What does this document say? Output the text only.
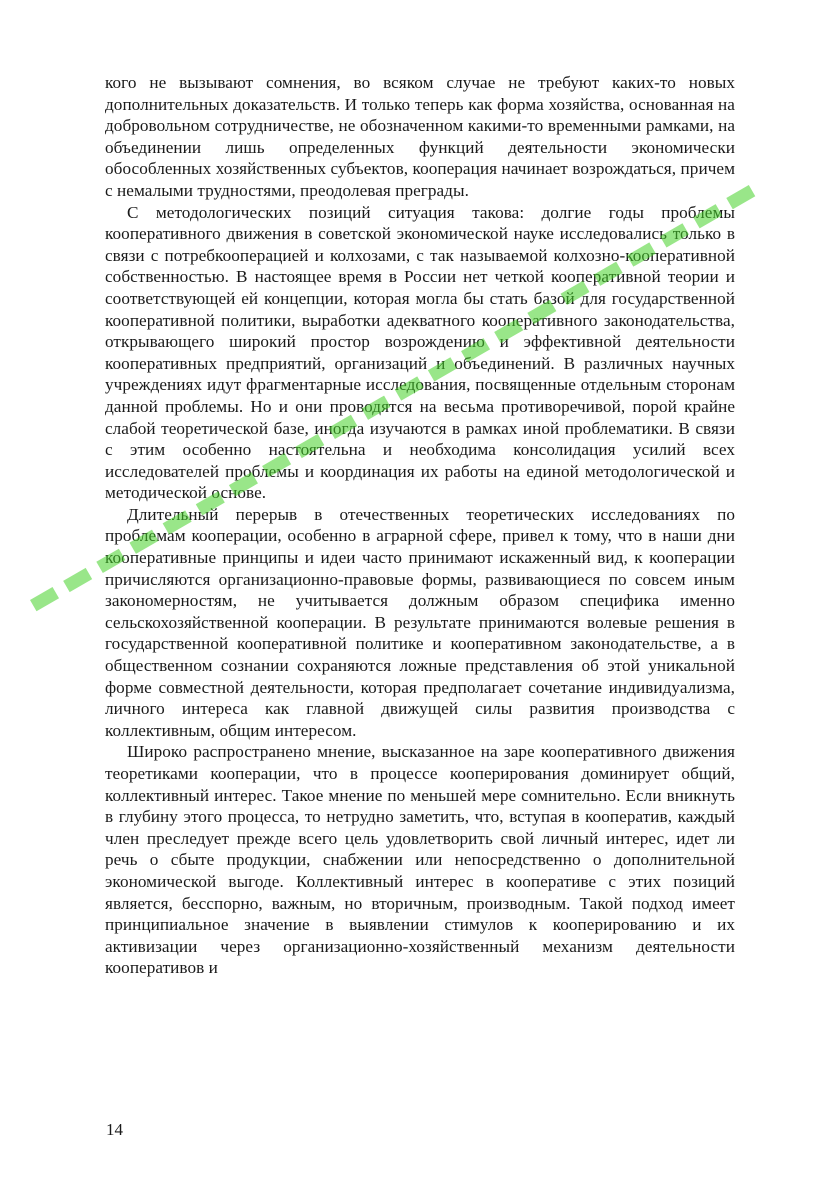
кого не вызывают сомнения, во всяком случае не требуют каких-то новых дополнительных доказательств. И только теперь как форма хозяйства, основанная на добровольном сотрудничестве, не обозначенном какими-то временными рамками, на объединении лишь определенных функций деятельности экономически обособленных хозяйственных субъектов, кооперация начинает возрождаться, причем с немалыми трудностями, преодолевая преграды.

С методологических позиций ситуация такова: долгие годы проблемы кооперативного движения в советской экономической науке исследовались только в связи с потребкооперацией и колхозами, с так называемой колхозно-кооперативной собственностью. В настоящее время в России нет четкой кооперативной теории и соответствующей ей концепции, которая могла бы стать базой для государственной кооперативной политики, выработки адекватного кооперативного законодательства, открывающего широкий простор возрождению и эффективной деятельности кооперативных предприятий, организаций и объединений. В различных научных учреждениях идут фрагментарные исследования, посвященные отдельным сторонам данной проблемы. Но и они проводятся на весьма противоречивой, порой крайне слабой теоретической базе, иногда изучаются в рамках иной проблематики. В связи с этим особенно настоятельна и необходима консолидация усилий всех исследователей проблемы и координация их работы на единой методологической и методической основе.

Длительный перерыв в отечественных теоретических исследованиях по проблемам кооперации, особенно в аграрной сфере, привел к тому, что в наши дни кооперативные принципы и идеи часто принимают искаженный вид, к кооперации причисляются организационно-правовые формы, развивающиеся по совсем иным закономерностям, не учитывается должным образом специфика именно сельскохозяйственной кооперации. В результате принимаются волевые решения в государственной кооперативной политике и кооперативном законодательстве, а в общественном сознании сохраняются ложные представления об этой уникальной форме совместной деятельности, которая предполагает сочетание индивидуализма, личного интереса как главной движущей силы развития производства с коллективным, общим интересом.

Широко распространено мнение, высказанное на заре кооперативного движения теоретиками кооперации, что в процессе кооперирования доминирует общий, коллективный интерес. Такое мнение по меньшей мере сомнительно. Если вникнуть в глубину этого процесса, то нетрудно заметить, что, вступая в кооператив, каждый член преследует прежде всего цель удовлетворить свой личный интерес, идет ли речь о сбыте продукции, снабжении или непосредственно о дополнительной экономической выгоде. Коллективный интерес в кооперативе с этих позиций является, бесспорно, важным, но вторичным, производным. Такой подход имеет принципиальное значение в выявлении стимулов к кооперированию и их активизации через организационно-хозяйственный механизм деятельности кооперативов и

14
